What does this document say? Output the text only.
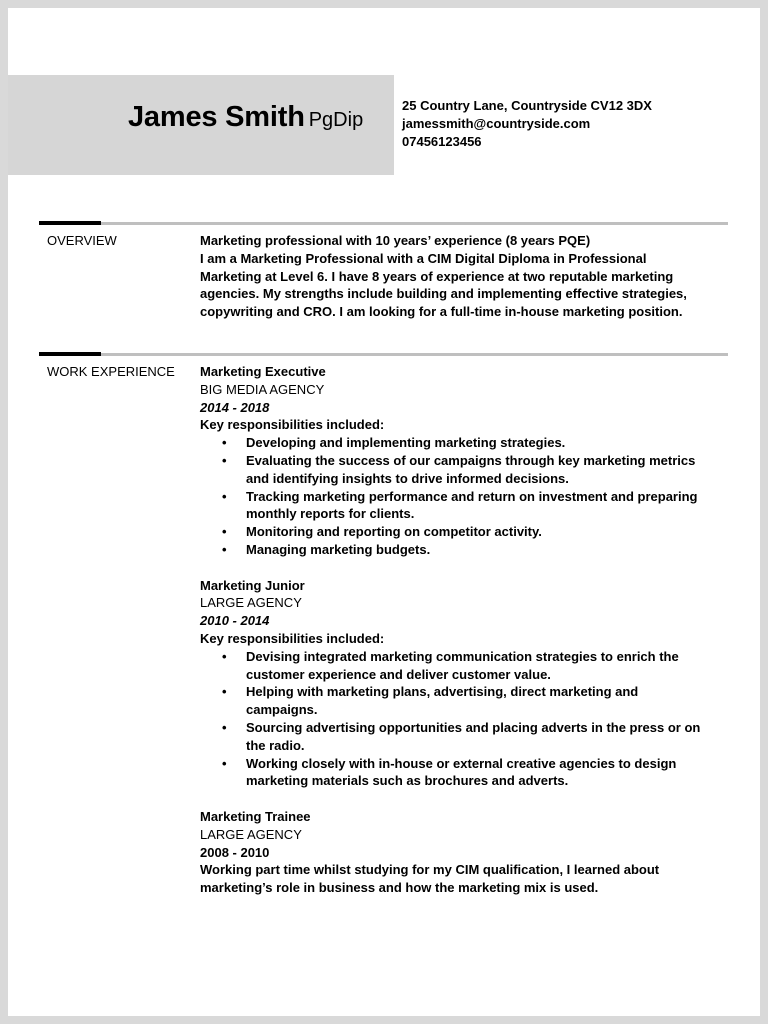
James Smith PgDip
25 Country Lane, Countryside CV12 3DX
jamessmith@countryside.com
07456123456
OVERVIEW	Marketing professional with 10 years’ experience (8 years PQE)
I am a Marketing Professional with a CIM Digital Diploma in Professional
Marketing at Level 6. I have 8 years of experience at two reputable marketing
agencies. My strengths include building and implementing effective strategies,
copywriting and CRO. I am looking for a full-time in-house marketing position.
WORK EXPERIENCE Marketing Executive
BIG MEDIA AGENCY
2014 - 2018
Key responsibilities included:
• Developing and implementing marketing strategies.
• Evaluating the success of our campaigns through key marketing metrics
and identifying insights to drive informed decisions.
• Tracking marketing performance and return on investment and preparing
monthly reports for clients.
• Monitoring and reporting on competitor activity.
• Managing marketing budgets.
Marketing Junior
LARGE AGENCY
2010 - 2014
Key responsibilities included:
• Devising integrated marketing communication strategies to enrich the
customer experience and deliver customer value.
• Helping with marketing plans, advertising, direct marketing and
campaigns.
• Sourcing advertising opportunities and placing adverts in the press or on
the radio.
• Working closely with in-house or external creative agencies to design
marketing materials such as brochures and adverts.
Marketing Trainee
LARGE AGENCY
2008 - 2010
Working part time whilst studying for my CIM qualification, I learned about
marketing’s role in business and how the marketing mix is used.
